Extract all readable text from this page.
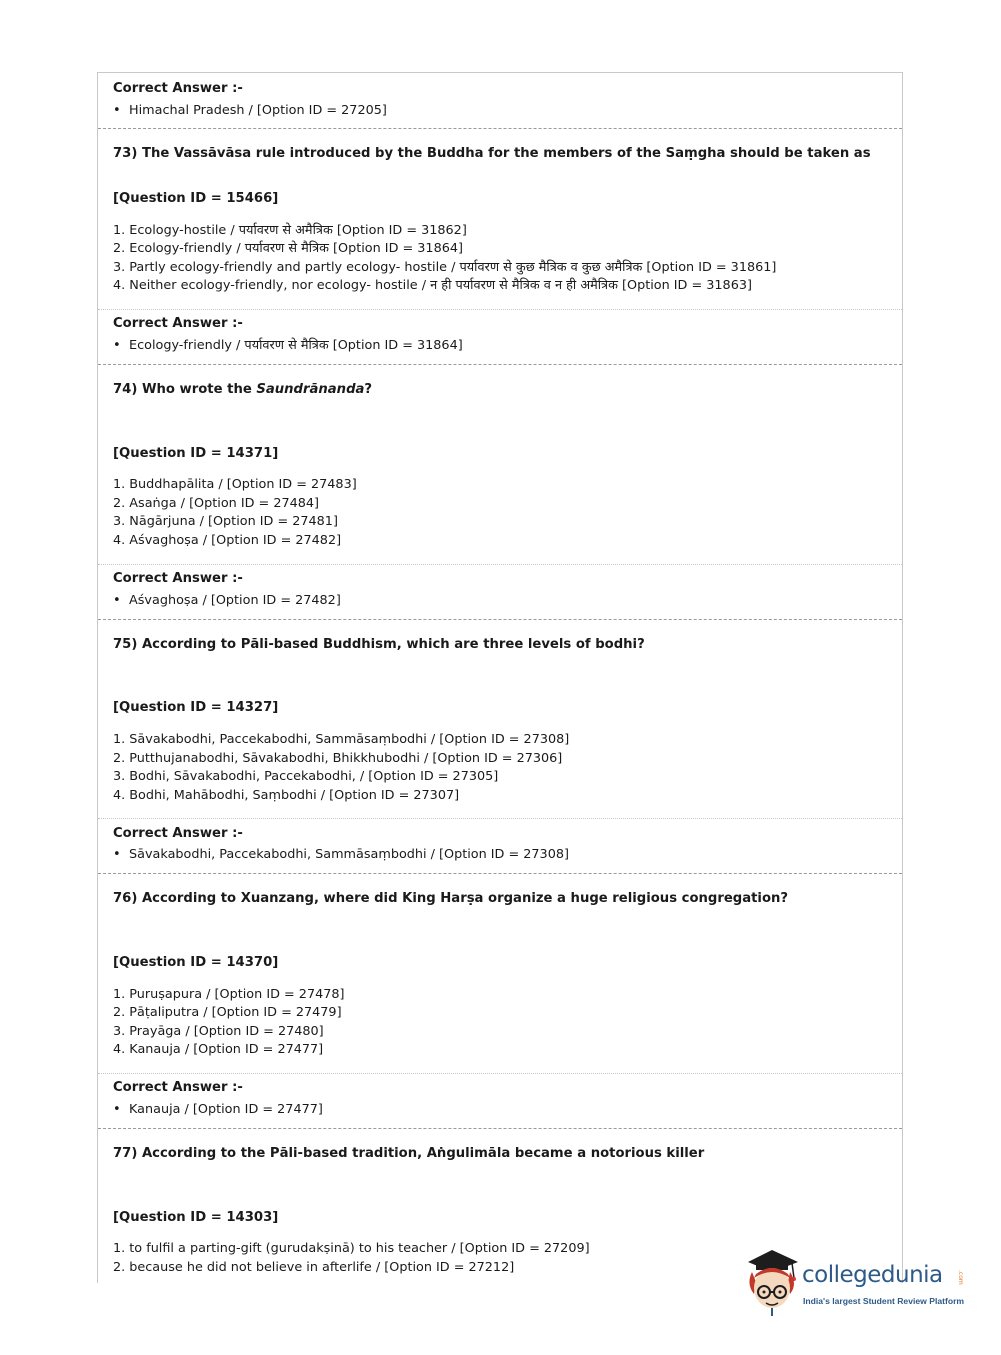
Correct Answer :-
• Himachal Pradesh / [Option ID = 27205]
73) The Vassāvāsa rule introduced by the Buddha for the members of the Saṃgha should be taken as
[Question ID = 15466]
1. Ecology-hostile / पर्यावरण से अमैत्रिक [Option ID = 31862]
2. Ecology-friendly / पर्यावरण से मैत्रिक [Option ID = 31864]
3. Partly ecology-friendly and partly ecology- hostile / पर्यावरण से कुछ मैत्रिक व कुछ अमैत्रिक [Option ID = 31861]
4. Neither ecology-friendly, nor ecology- hostile / न ही पर्यावरण से मैत्रिक व न ही अमैत्रिक [Option ID = 31863]
Correct Answer :-
• Ecology-friendly / पर्यावरण से मैत्रिक [Option ID = 31864]
74) Who wrote the Saundrānanda?
[Question ID = 14371]
1. Buddhapālita / [Option ID = 27483]
2. Asaṅga / [Option ID = 27484]
3. Nāgārjuna / [Option ID = 27481]
4. Aśvaghoṣa / [Option ID = 27482]
Correct Answer :-
• Aśvaghoṣa / [Option ID = 27482]
75) According to Pāli-based Buddhism, which are three levels of bodhi?
[Question ID = 14327]
1. Sāvakabodhi, Paccekabodhi, Sammāsaṃbodhi / [Option ID = 27308]
2. Putthujanabodhi, Sāvakabodhi, Bhikkhubodhi / [Option ID = 27306]
3. Bodhi, Sāvakabodhi, Paccekabodhi, / [Option ID = 27305]
4. Bodhi, Mahābodhi, Saṃbodhi / [Option ID = 27307]
Correct Answer :-
• Sāvakabodhi, Paccekabodhi, Sammāsaṃbodhi / [Option ID = 27308]
76) According to Xuanzang, where did King Harṣa organize a huge religious congregation?
[Question ID = 14370]
1. Puruṣapura / [Option ID = 27478]
2. Pāṭaliputra / [Option ID = 27479]
3. Prayāga / [Option ID = 27480]
4. Kanauja / [Option ID = 27477]
Correct Answer :-
• Kanauja / [Option ID = 27477]
77) According to the Pāli-based tradition, Aṅgulimāla became a notorious killer
[Question ID = 14303]
1. to fulfil a parting-gift (gurudakṣinā) to his teacher / [Option ID = 27209]
2. because he did not believe in afterlife / [Option ID = 27212]	collegedunia .com
India's largest Student Review Platform
